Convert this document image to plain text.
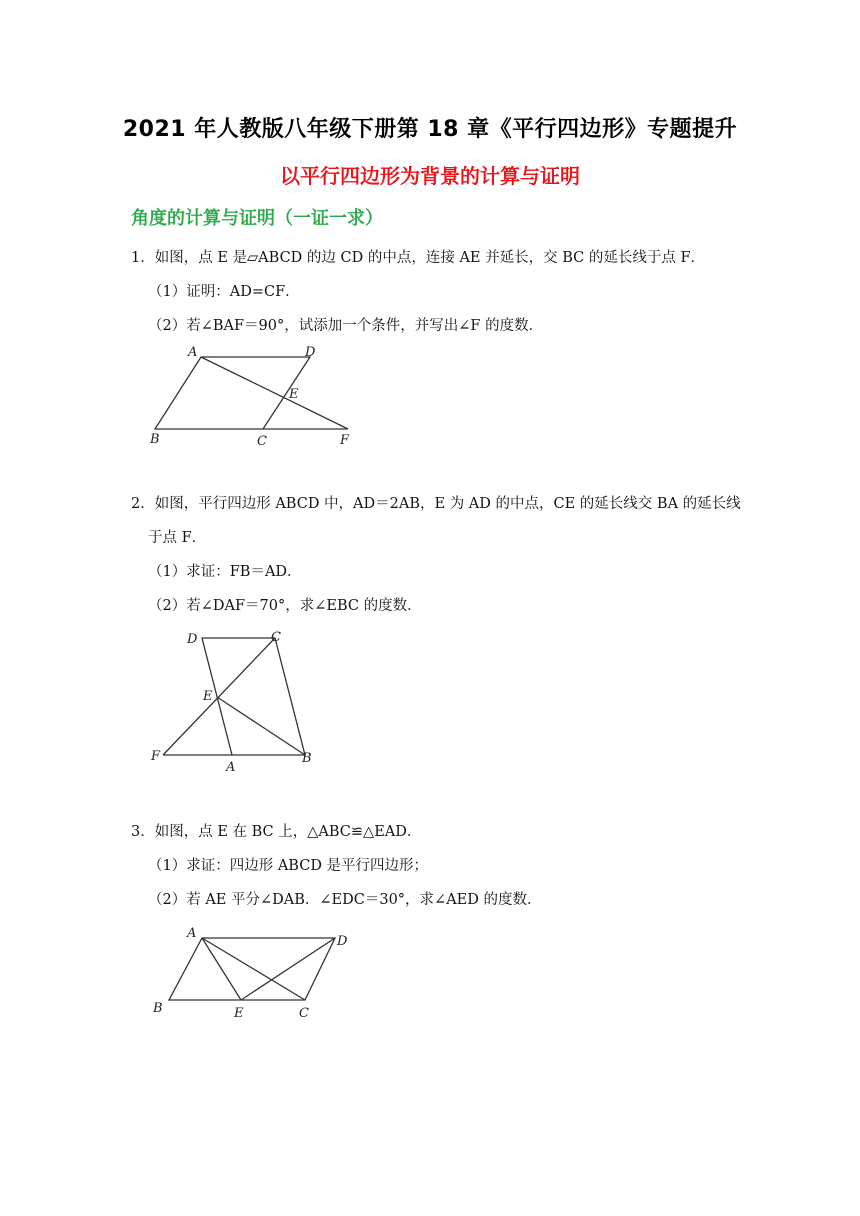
2021 年人教版八年级下册第 18 章《平行四边形》专题提升
以平行四边形为背景的计算与证明
角度的计算与证明（一证一求）
1．如图，点 E 是▱ABCD 的边 CD 的中点，连接 AE 并延长，交 BC 的延长线于点 F．
（1）证明：AD=CF．
（2）若∠BAF＝90°，试添加一个条件，并写出∠F 的度数．
A	D
E
B	C	F
2．如图，平行四边形 ABCD 中，AD＝2AB，E 为 AD 的中点，CE 的延长线交 BA 的延长线
于点 F．
（1）求证：FB＝AD．
（2）若∠DAF＝70°，求∠EBC 的度数．
D	C
E
F
A
B
3．如图，点 E 在 BC 上，△ABC≌△EAD．
（1）求证：四边形 ABCD 是平行四边形；
（2）若 AE 平分∠DAB．∠EDC＝30°，求∠AED 的度数．
A
D
B	E	C
